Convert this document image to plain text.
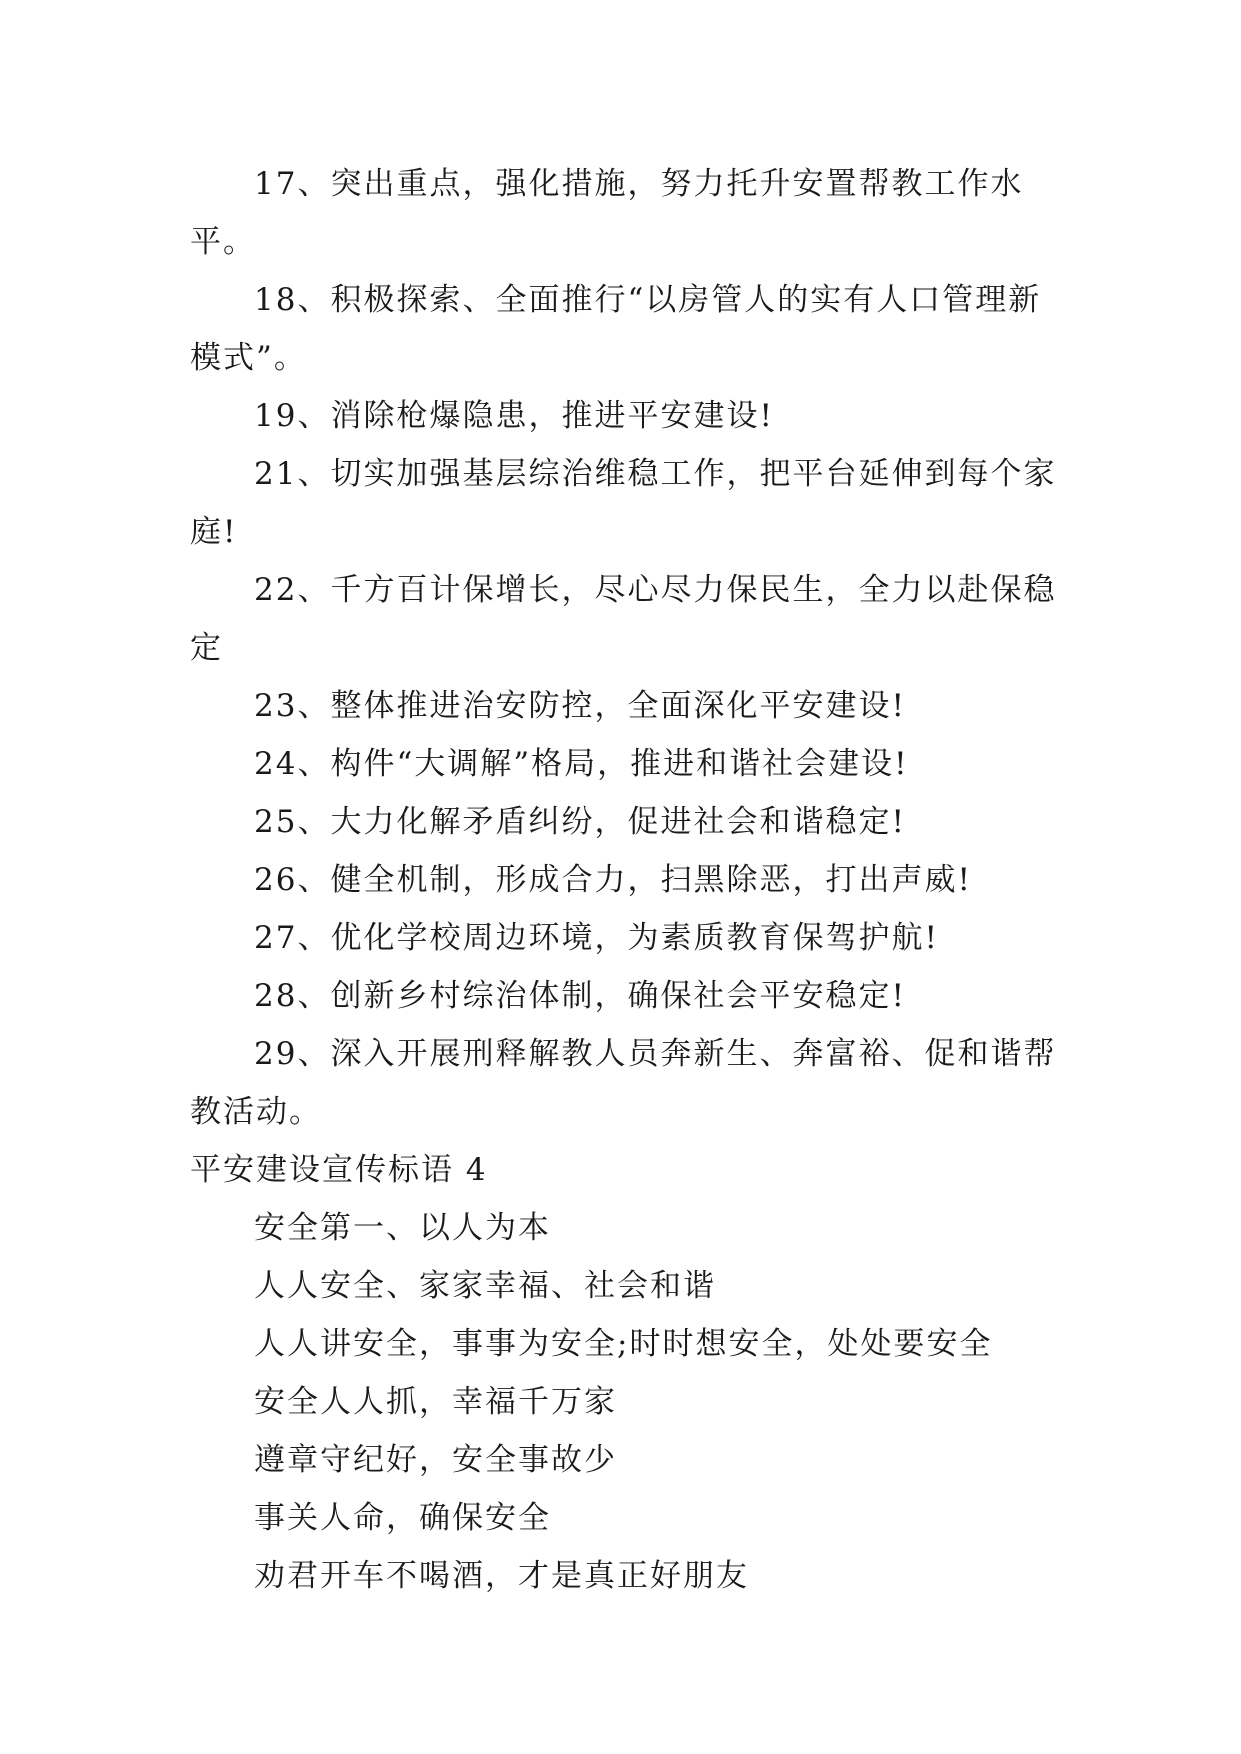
17、突出重点，强化措施，努力托升安置帮教工作水平。

18、积极探索、全面推行“以房管人的实有人口管理新模式”。

19、消除枪爆隐患，推进平安建设!

21、切实加强基层综治维稳工作，把平台延伸到每个家庭!

22、千方百计保增长，尽心尽力保民生，全力以赴保稳定

23、整体推进治安防控，全面深化平安建设!

24、构件“大调解”格局，推进和谐社会建设!

25、大力化解矛盾纠纷，促进社会和谐稳定!

26、健全机制，形成合力，扫黑除恶，打出声威!

27、优化学校周边环境，为素质教育保驾护航!

28、创新乡村综治体制，确保社会平安稳定!

29、深入开展刑释解教人员奔新生、奔富裕、促和谐帮教活动。

平安建设宣传标语 4

安全第一、以人为本

人人安全、家家幸福、社会和谐

人人讲安全，事事为安全;时时想安全，处处要安全

安全人人抓，幸福千万家

遵章守纪好，安全事故少

事关人命，确保安全

劝君开车不喝酒，才是真正好朋友
